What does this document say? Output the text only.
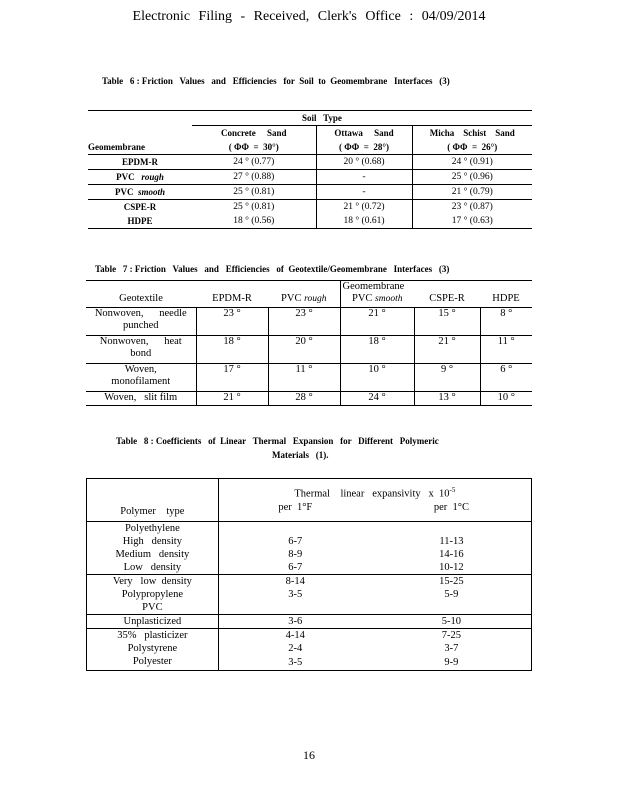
Electronic Filing - Received, Clerk's Office : 04/09/2014
Table   6 : Friction   Values   and   Efficiencies   for  Soil  to  Geomembrane   Interfaces   (3)
	Soil   Type		
	Concrete     Sand	Ottawa     Sand	Micha    Schist    Sand
Geomembrane	( ΦΦ  =  30°)	( ΦΦ  =  28°)	( ΦΦ  =  26°)
EPDM-R	24 ° (0.77)	20 ° (0.68)	24 ° (0.91)
PVC rough	27 ° (0.88)	-	25 ° (0.96)
PVC smooth	25 ° (0.81)	-	21 ° (0.79)
CSPE-R	25 ° (0.81)	21 ° (0.72)	23 ° (0.87)
HDPE	18 ° (0.56)	18 ° (0.61)	17 ° (0.63)
Table   7 : Friction   Values   and   Efficiencies   of  Geotextile/Geomembrane   Interfaces   (3)
			Geomembrane		
Geotextile	EPDM-R	PVC rough	PVC smooth	CSPE-R	HDPE

Nonwoven,      needle
punched	23 °	23 °	21 °	15 °	8 °

Nonwoven,      heat
bond	18 °	20 °	18 °	21 °	11 °

Woven,
monofilament	17 °	11 °	10 °	9 °	6 °

Woven,   slit film	21 °	28 °	24 °	13 °	10 °
Table   8 : Coefficients   of  Linear   Thermal   Expansion   for   Different   Polymeric
Materials   (1).
	Thermal    linear   expansivity   x  $10^{-5}$
Polymer    type	per  1°F	per  1°C
Polyethylene		
High   density	6-7	11-13
Medium   density	8-9	14-16
Low   density	6-7	10-12
Very   low  density	8-14	15-25
Polypropylene	3-5	5-9
PVC		
Unplasticized	3-6	5-10
35%   plasticizer	4-14	7-25
Polystyrene	2-4	3-7
Polyester	3-5	9-9
16
